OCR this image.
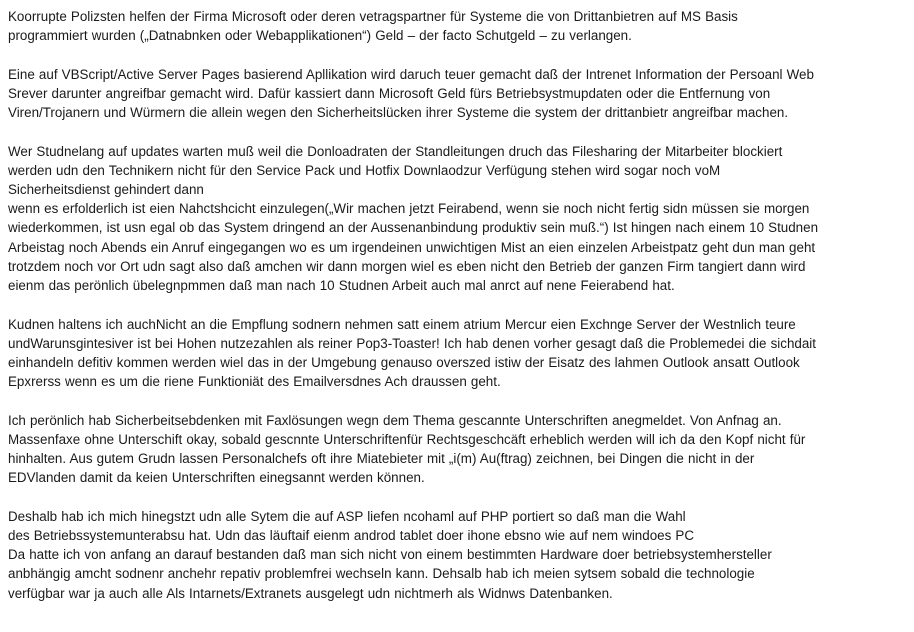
Koorrupte Polizsten helfen der Firma Microsoft oder deren vetragspartner für Systeme die von Drittanbietren auf MS Basis
programmiert wurden („Datnabnken oder Webapplikationen“) Geld – der facto Schutgeld – zu verlangen.

Eine auf VBScript/Active Server Pages basierend Apllikation wird daruch teuer gemacht daß der Intrenet Information der Persoanl Web
Srever darunter angreifbar gemacht wird. Dafür kassiert dann Microsoft Geld fürs Betriebsystmupdaten oder die Entfernung von
Viren/Trojanern und Würmern die allein wegen den Sicherheitslücken ihrer Systeme die system der drittanbietr angreifbar machen.

Wer Studnelang auf updates warten muß weil die Donloadraten der Standleitungen druch das Filesharing der Mitarbeiter blockiert
werden udn den Technikern nicht für den Service Pack und Hotfix Downlaodzur Verfügung stehen wird sogar noch voM
Sicherheitsdienst gehindert dann
wenn es erfolderlich ist eien Nahctshcicht einzulegen(„Wir machen jetzt Feirabend, wenn sie noch nicht fertig sidn müssen sie morgen
wiederkommen, ist usn egal ob das System dringend an der Aussenanbindung produktiv sein muß.“) Ist hingen nach einem 10 Studnen
Arbeistag noch Abends ein Anruf eingegangen wo es um irgendeinen unwichtigen Mist an eien einzelen Arbeistpatz geht dun man geht
trotzdem noch vor Ort udn sagt also daß amchen wir dann morgen wiel es eben nicht den Betrieb der ganzen Firm tangiert dann wird
eienm das perönlich übelegnpmmen daß man nach 10 Studnen Arbeit auch mal anrct auf nene Feierabend hat.

Kudnen haltens ich auchNicht an die Empflung sodnern nehmen satt einem atrium Mercur eien Exchnge Server der Westnlich teure
undWarunsgintesiver ist bei Hohen nutzezahlen als reiner Pop3-Toaster! Ich hab denen vorher gesagt daß die Problemedei die sichdait
einhandeln defitiv kommen werden wiel das in der Umgebung genauso overszed istiw der Eisatz des lahmen Outlook ansatt Outlook
Epxrerss wenn es um die riene Funktioniät des Emailversdnes Ach draussen geht.

Ich perönlich hab Sicherbeitsebdenken mit Faxlösungen wegn dem Thema gescannte Unterschriften anegmeldet. Von Anfnag an.
Massenfaxe ohne Unterschift okay, sobald gescnnte Unterschriftenfür Rechtsgeschcäft erheblich werden will ich da den Kopf nicht für
hinhalten. Aus gutem Grudn lassen Personalchefs oft ihre Miatebieter mit „i(m) Au(ftrag) zeichnen, bei Dingen die nicht in der
EDVlanden damit da keien Unterschriften einegsannt werden können.

Deshalb hab ich mich hinegstzt udn alle Sytem die auf ASP liefen ncohaml auf PHP portiert so daß man die Wahl
des Betriebssystemunterabsu hat. Udn das läuftaif eienm androd tablet doer ihone ebsno wie auf nem windoes PC
Da hatte ich von anfang an darauf bestanden daß man sich nicht von einem bestimmten Hardware doer betriebsystemhersteller
anbhängig amcht sodnenr anchehr repativ problemfrei wechseln kann. Dehsalb hab ich meien sytsem sobald die technologie
verfügbar war ja auch alle Als Intarnets/Extranets ausgelegt udn nichtmerh als Widnws Datenbanken.
